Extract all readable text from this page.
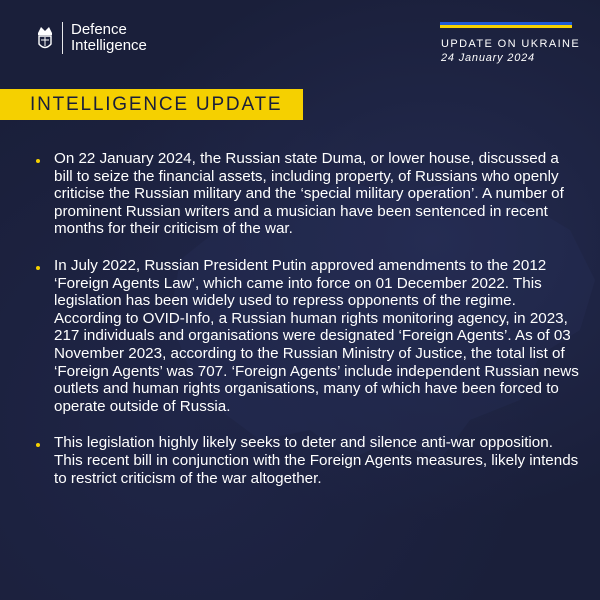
Defence
Intelligence	UPDATE ON UKRAINE
24 January 2024
INTELLIGENCE UPDATE
On 22 January 2024, the Russian state Duma, or lower house, discussed a bill to seize the financial assets, including property, of Russians who openly criticise the Russian military and the ‘special military operation’. A number of prominent Russian writers and a musician have been sentenced in recent months for their criticism of the war.
In July 2022, Russian President Putin approved amendments to the 2012 ‘Foreign Agents Law’, which came into force on 01 December 2022. This legislation has been widely used to repress opponents of the regime. According to OVID-Info, a Russian human rights monitoring agency, in 2023, 217 individuals and organisations were designated ‘Foreign Agents’. As of 03 November 2023, according to the Russian Ministry of Justice, the total list of ‘Foreign Agents’ was 707. ‘Foreign Agents’ include independent Russian news outlets and human rights organisations, many of which have been forced to operate outside of Russia.
This legislation highly likely seeks to deter and silence anti-war opposition. This recent bill in conjunction with the Foreign Agents measures, likely intends to restrict criticism of the war altogether.
